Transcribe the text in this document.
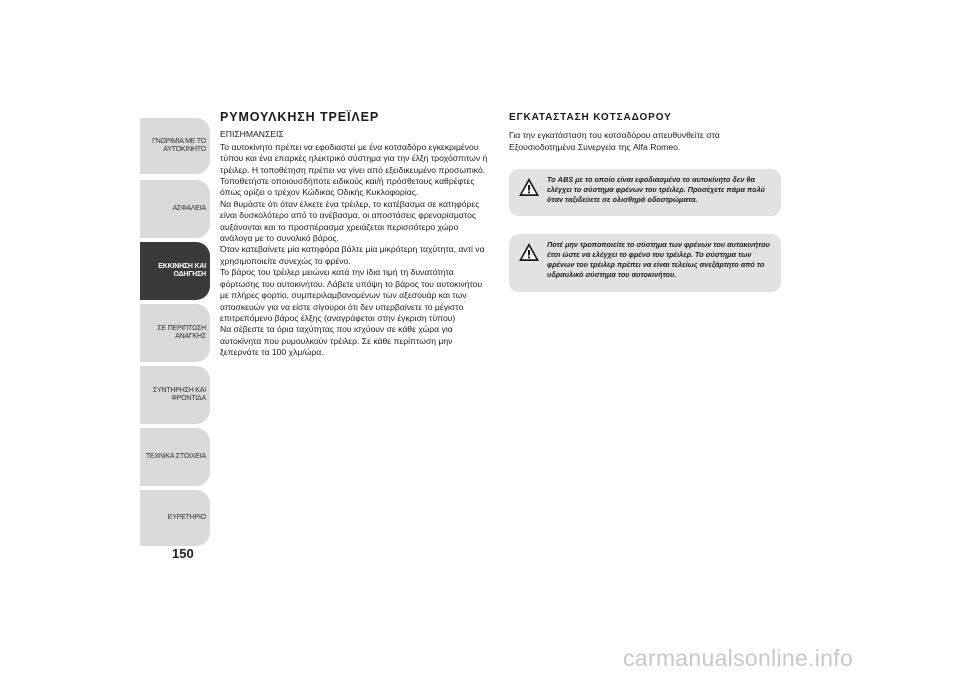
ΓΝΩΡΙΜΙΑ ΜΕ ΤΟ
ΑΥΤΟΚΙΝΗΤΟ
ΑΣΦΑΛΕΙΑ
ΕΚΚΙΝΗΣΗ ΚΑΙ
ΟΔΗΓΗΣΗ
ΣΕ ΠΕΡΙΠΤΩΣΗ
ΑΝΑΓΚΗΣ
ΣΥΝΤΗΡΗΣΗ ΚΑΙ
ΦΡΟΝΤΙΔΑ
ΤΕΧΝΙΚΑ ΣΤΟΙΧΕΙΑ
ΕΥΡΕΤΗΡΙΟ
150
ΡΥΜΟΥΛΚΗΣΗ ΤΡΕΪΛΕΡ

ΕΠΙΣΗΜΑΝΣΕΙΣ

Το αυτοκίνητο πρέπει να εφοδιαστεί με ένα κοτσαδόρο εγκεκριμένου τύπου και ένα επαρκές ηλεκτρικό σύστημα για την έλξη τροχόσπιτων ή τρέιλερ. Η τοποθέτηση πρέπει να γίνει από εξειδικευμένο προσωπικό.

Τοποθετήστε οποιουσδήποτε ειδικούς και/ή πρόσθετους καθρέφτες όπως ορίζει ο τρέχον Κώδικας Οδικής Κυκλοφορίας.

Να θυμάστε ότι όταν έλκετε ένα τρέιλερ, το κατέβασμα σε κατηφόρες είναι δυσκολότερο από το ανέβασμα, οι αποστάσεις φρεναρίσματος αυξάνονται και το προσπέρασμα χρειάζεται περισσότερο χώρο ανάλογα με το συνολικό βάρος.

Όταν κατεβαίνετε μία κατηφόρα βάλτε μία μικρότερη ταχύτητα, αντί να χρησιμοποιείτε συνεχώς το φρένο.

Το βάρος του τρέιλερ μειώνει κατά την ίδια τιμή τη δυνατότητα φόρτωσης του αυτοκινήτου. Λάβετε υπόψη το βάρος του αυτοκινήτου με πλήρες φορτίο, συμπεριλαμβανομένων των αξεσουάρ και των αποσκευών για να είστε σίγουροι ότι δεν υπερβαίνετε το μέγιστο επιτρεπόμενο βάρος έλξης (αναγράφεται στην έγκριση τύπου)

Να σέβεστε τα όρια ταχύτητας που ισχύουν σε κάθε χώρα για αυτοκίνητα που ρυμουλκούν τρέιλερ. Σε κάθε περίπτωση μην ξεπερνάτε τα 100 χλμ/ώρα.

ΕΓΚΑΤΑΣΤΑΣΗ ΚΟΤΣΑΔΟΡΟΥ

Για την εγκατάσταση του κοτσαδόρου απευθυνθείτε στα Εξουσιοδοτημένα Συνεργεία της Alfa Romeo.

Το ABS με το οποίο είναι εφοδιασμένο το αυτοκίνητο δεν θα ελέγχει το σύστημα φρένων του τρέιλερ. Προσέχετε πάρα πολύ όταν ταξιδεύετε σε ολισθηρά οδοστρώματα.
Ποτέ μην τροποποιείτε το σύστημα των φρένων του αυτοκινήτου έτσι ώστε να ελέγχει το φρένο του τρέιλερ. Το σύστημα των φρένων του τρέιλερ πρέπει να είναι τελείως ανεξάρτητο από το υδραυλικό σύστημα του αυτοκινήτου.
carmanualsonline.info
